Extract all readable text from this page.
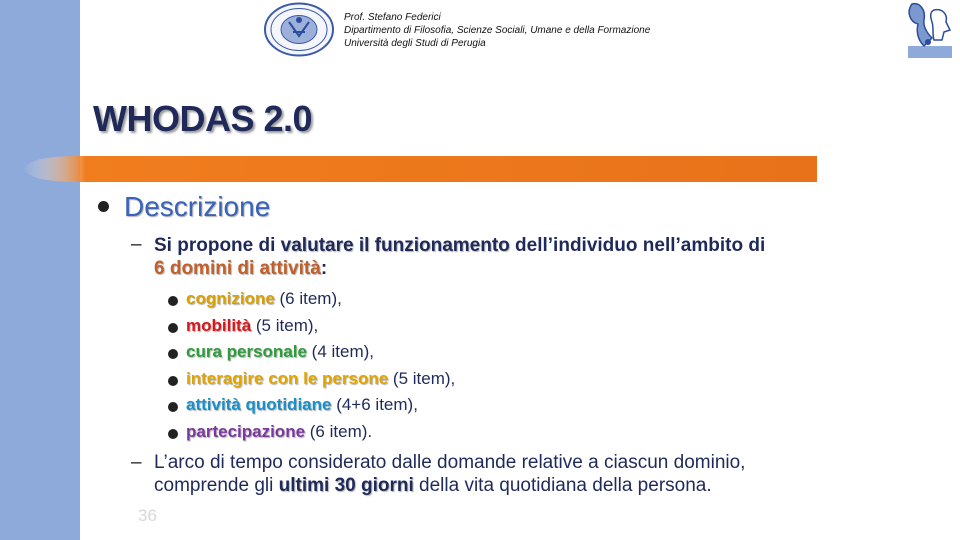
Prof. Stefano Federici
Dipartimento di Filosofia, Scienze Sociali, Umane e della Formazione
Università degli Studi di Perugia
WHODAS 2.0
Descrizione
– Si propone di valutare il funzionamento dell’individuo nell’ambito di
6 domini di attività:
cognizione (6 item),
mobilità (5 item),
cura personale (4 item),
interagire con le persone (5 item),
attività quotidiane (4+6 item),
partecipazione (6 item).
– L’arco di tempo considerato dalle domande relative a ciascun dominio,
comprende gli ultimi 30 giorni della vita quotidiana della persona.
36
